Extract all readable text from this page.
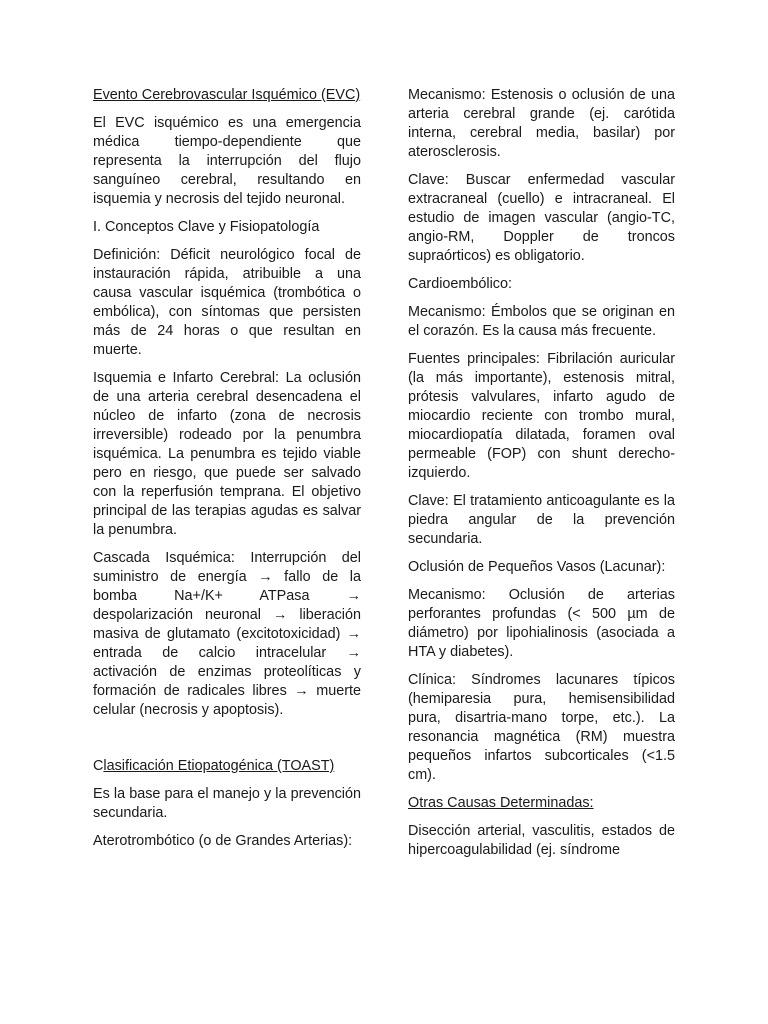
Evento Cerebrovascular Isquémico (EVC)

El EVC isquémico es una emergencia médica tiempo-dependiente que representa la interrupción del flujo sanguíneo cerebral, resultando en isquemia y necrosis del tejido neuronal.

I. Conceptos Clave y Fisiopatología

Definición: Déficit neurológico focal de instauración rápida, atribuible a una causa vascular isquémica (trombótica o embólica), con síntomas que persisten más de 24 horas o que resultan en muerte.

Isquemia e Infarto Cerebral: La oclusión de una arteria cerebral desencadena el núcleo de infarto (zona de necrosis irreversible) rodeado por la penumbra isquémica. La penumbra es tejido viable pero en riesgo, que puede ser salvado con la reperfusión temprana. El objetivo principal de las terapias agudas es salvar la penumbra.

Cascada Isquémica: Interrupción del suministro de energía → fallo de la bomba Na+/K+ ATPasa → despolarización neuronal → liberación masiva de glutamato (excitotoxicidad) → entrada de calcio intracelular → activación de enzimas proteolíticas y formación de radicales libres → muerte celular (necrosis y apoptosis).

Clasificación Etiopatogénica (TOAST)

Es la base para el manejo y la prevención secundaria.

Aterotrombótico (o de Grandes Arterias):

Mecanismo: Estenosis o oclusión de una arteria cerebral grande (ej. carótida interna, cerebral media, basilar) por aterosclerosis.

Clave: Buscar enfermedad vascular extracraneal (cuello) e intracraneal. El estudio de imagen vascular (angio-TC, angio-RM, Doppler de troncos supraórticos) es obligatorio.

Cardioembólico:

Mecanismo: Émbolos que se originan en el corazón. Es la causa más frecuente.

Fuentes principales: Fibrilación auricular (la más importante), estenosis mitral, prótesis valvulares, infarto agudo de miocardio reciente con trombo mural, miocardiopatía dilatada, foramen oval permeable (FOP) con shunt derecho-izquierdo.

Clave: El tratamiento anticoagulante es la piedra angular de la prevención secundaria.

Oclusión de Pequeños Vasos (Lacunar):

Mecanismo: Oclusión de arterias perforantes profundas (< 500 µm de diámetro) por lipohialinosis (asociada a HTA y diabetes).

Clínica: Síndromes lacunares típicos (hemiparesia pura, hemisensibilidad pura, disartria-mano torpe, etc.). La resonancia magnética (RM) muestra pequeños infartos subcorticales (<1.5 cm).

Otras Causas Determinadas:

Disección arterial, vasculitis, estados de hipercoagulabilidad (ej. síndrome
